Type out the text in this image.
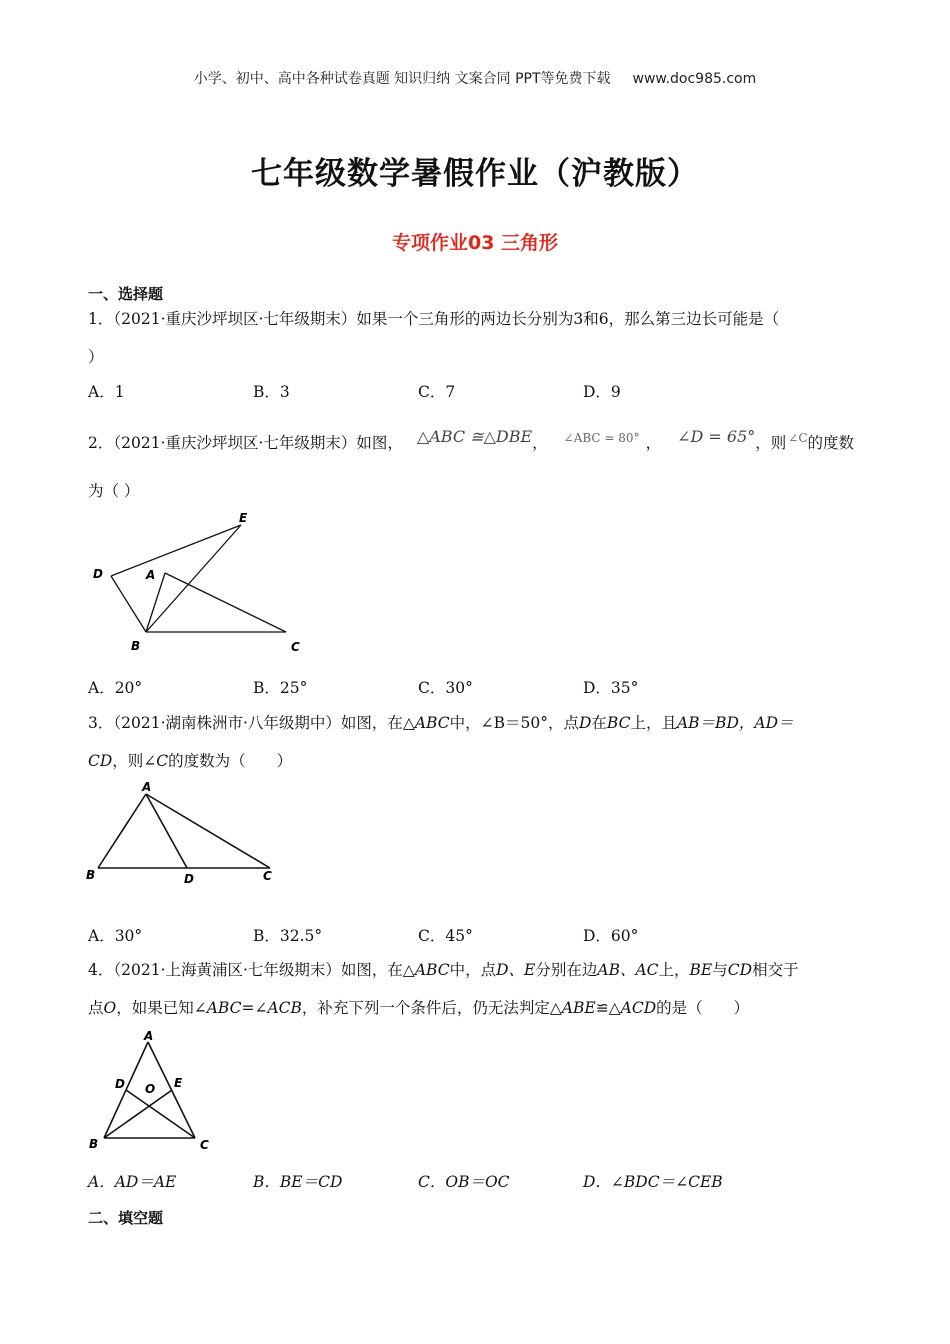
小学、初中、高中各种试卷真题 知识归纳 文案合同 PPT等免费下载 www.doc985.com
七年级数学暑假作业（沪教版）
专项作业03 三角形
一、选择题
1．（2021·重庆沙坪坝区·七年级期末）如果一个三角形的两边长分别为3和6，那么第三边长可能是（
）
A．1	B．3	C．7	D．9
2．（2021·重庆沙坪坝区·七年级期末）如图， △ABC ≅△DBE， $^{\angle ABC = 80^\circ}$ ， ∠D = 65°，则 $^{\angle C}$的度数
为（ ）
D	A
E
B	C
A．20°	B．25°	C．30°	D．35°
3．（2021·湖南株洲市·八年级期中）如图，在△ABC中，∠B＝50°，点D在BC上，且AB＝BD，AD＝
CD，则∠C的度数为（　　）
A
B	D	C
A．30°	B．32.5°	C．45°	D．60°
4．（2021·上海黄浦区·七年级期末）如图，在△ABC中，点D、E分别在边AB、AC上，BE与CD相交于
点O，如果已知∠ABC=∠ACB，补充下列一个条件后，仍无法判定△ABE≌△ACD的是（　　）
A
D O E
B	C
A．AD＝AE	B．BE＝CD	C．OB＝OC	D．∠BDC＝∠CEB
二、填空题
